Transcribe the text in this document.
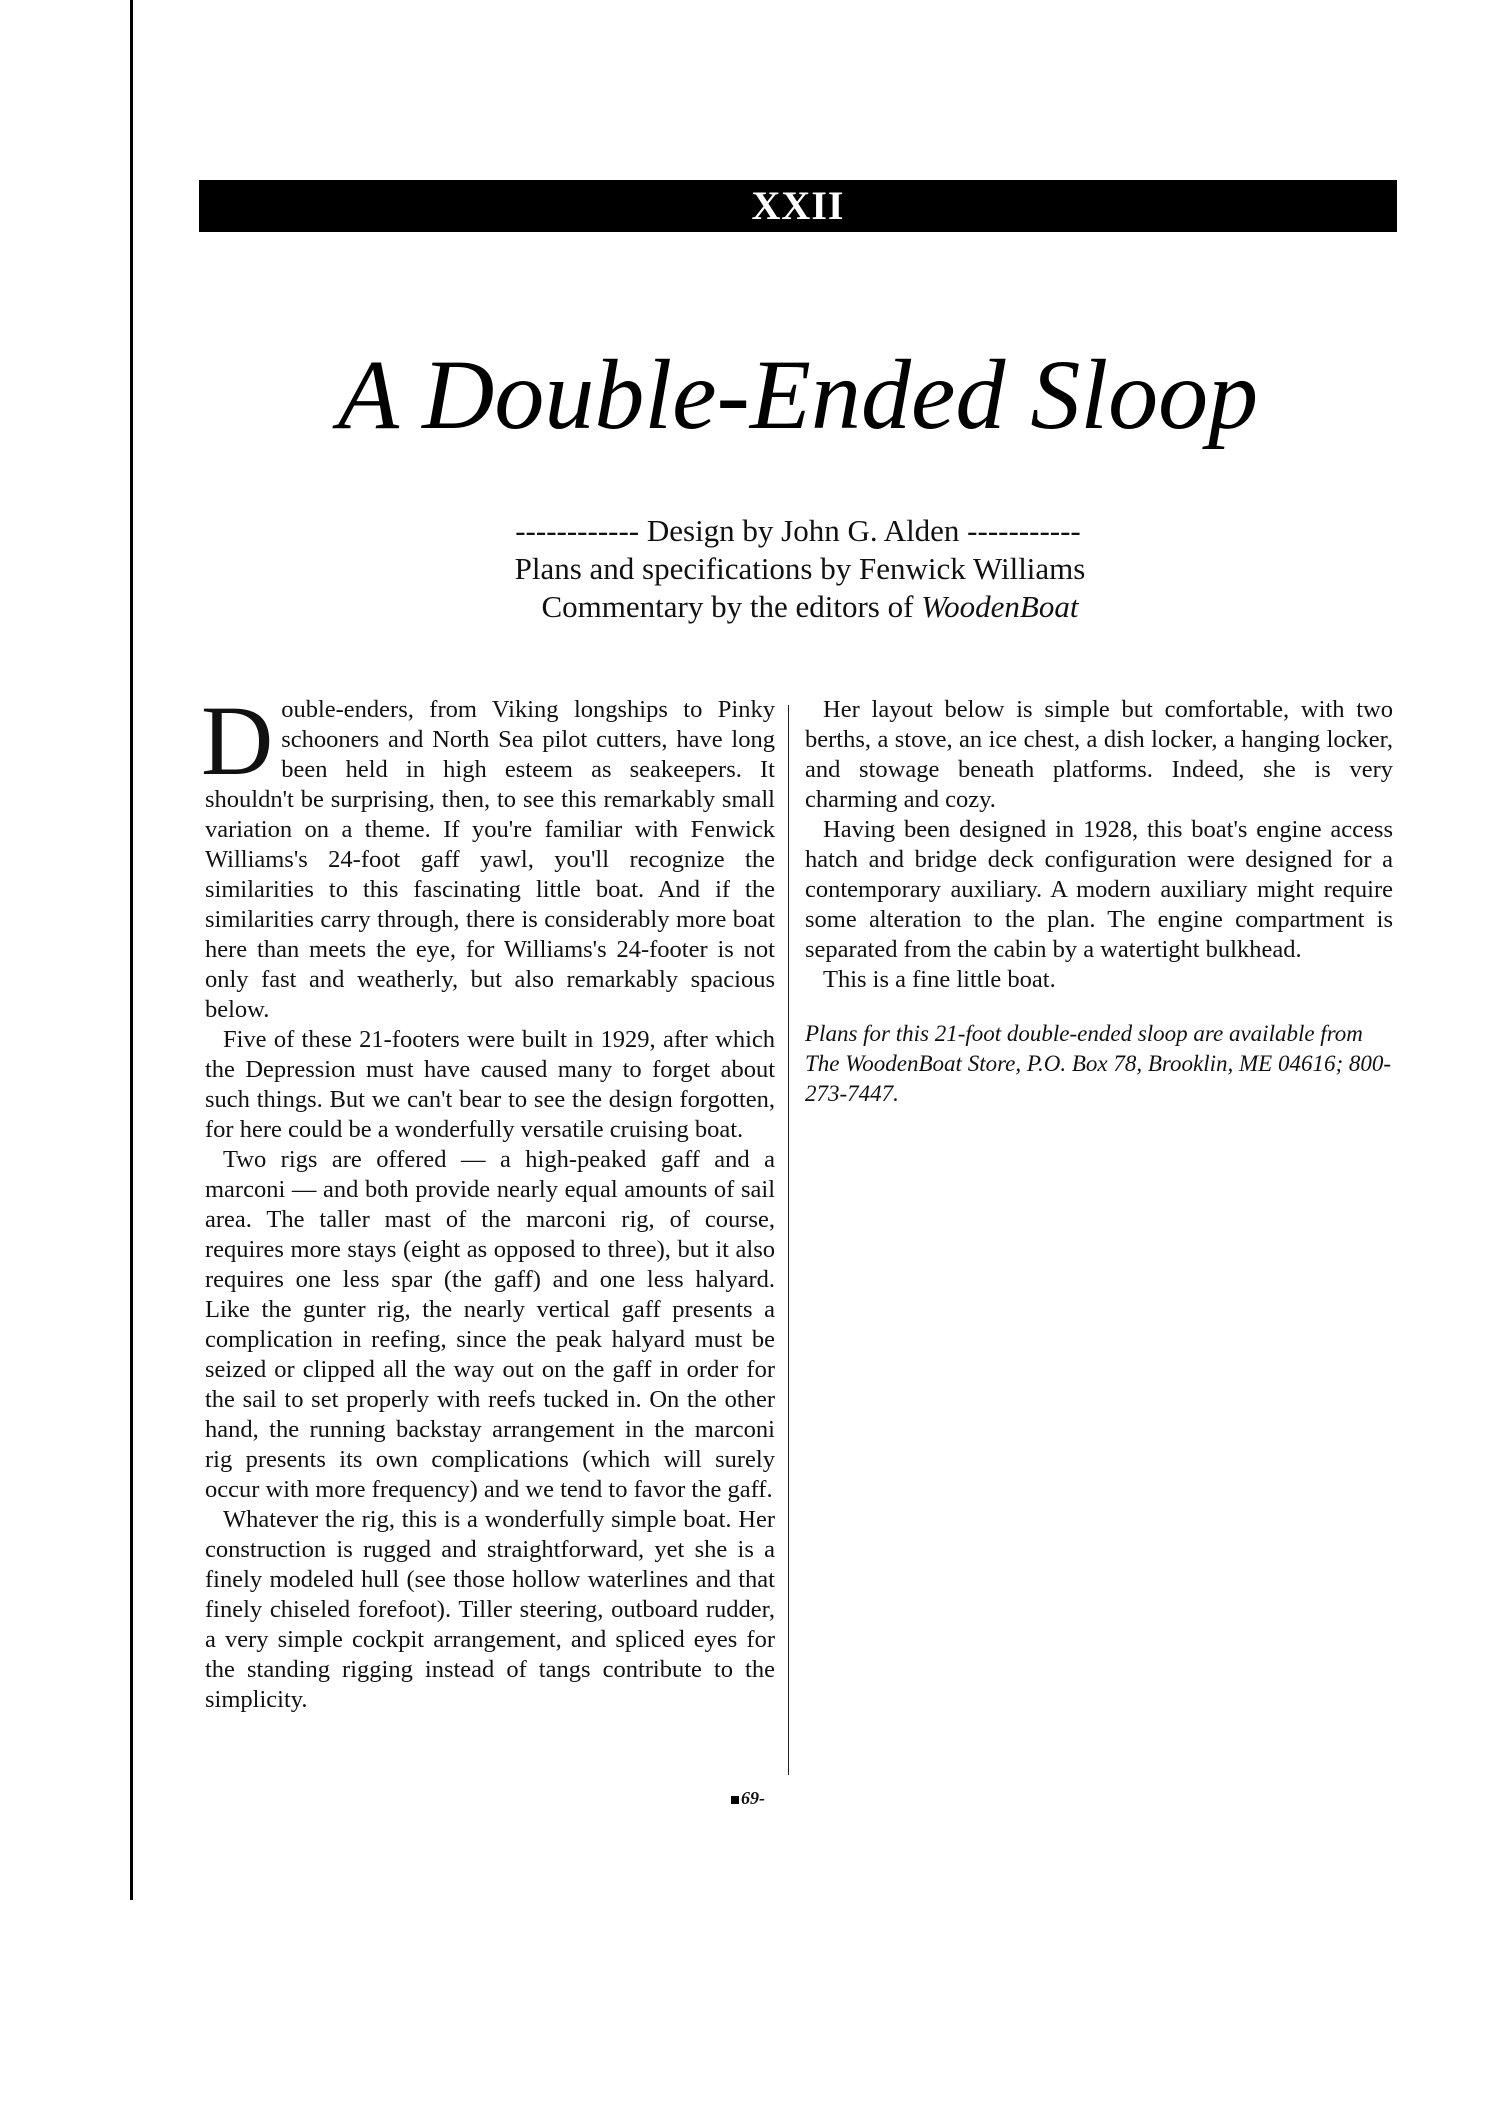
XXII
A Double-Ended Sloop
------------ Design by John G. Alden -----------
Plans and specifications by Fenwick Williams
Commentary by the editors of WoodenBoat

Double-enders, from Viking longships to Pinky schooners and North Sea pilot cutters, have long been held in high esteem as seakeepers. It shouldn't be surprising, then, to see this remarkably small variation on a theme. If you're familiar with Fenwick Williams's 24-foot gaff yawl, you'll recognize the similarities to this fascinating little boat. And if the similarities carry through, there is considerably more boat here than meets the eye, for Williams's 24-footer is not only fast and weatherly, but also remarkably spacious below.

Five of these 21-footers were built in 1929, after which the Depression must have caused many to forget about such things. But we can't bear to see the design forgotten, for here could be a wonderfully versatile cruising boat.

Two rigs are offered — a high-peaked gaff and a marconi — and both provide nearly equal amounts of sail area. The taller mast of the marconi rig, of course, requires more stays (eight as opposed to three), but it also requires one less spar (the gaff) and one less halyard. Like the gunter rig, the nearly vertical gaff presents a complication in reefing, since the peak halyard must be seized or clipped all the way out on the gaff in order for the sail to set properly with reefs tucked in. On the other hand, the running backstay arrangement in the marconi rig presents its own complications (which will surely occur with more frequency) and we tend to favor the gaff.

Whatever the rig, this is a wonderfully simple boat. Her construction is rugged and straightforward, yet she is a finely modeled hull (see those hollow waterlines and that finely chiseled forefoot). Tiller steering, outboard rudder, a very simple cockpit arrangement, and spliced eyes for the standing rigging instead of tangs contribute to the simplicity.

Her layout below is simple but comfortable, with two berths, a stove, an ice chest, a dish locker, a hanging locker, and stowage beneath platforms. Indeed, she is very charming and cozy.

Having been designed in 1928, this boat's engine access hatch and bridge deck configuration were designed for a contemporary auxiliary. A modern auxiliary might require some alteration to the plan. The engine compartment is separated from the cabin by a watertight bulkhead.

This is a fine little boat.

Plans for this 21-foot double-ended sloop are available from The WoodenBoat Store, P.O. Box 78, Brooklin, ME 04616; 800-273-7447.

69-
